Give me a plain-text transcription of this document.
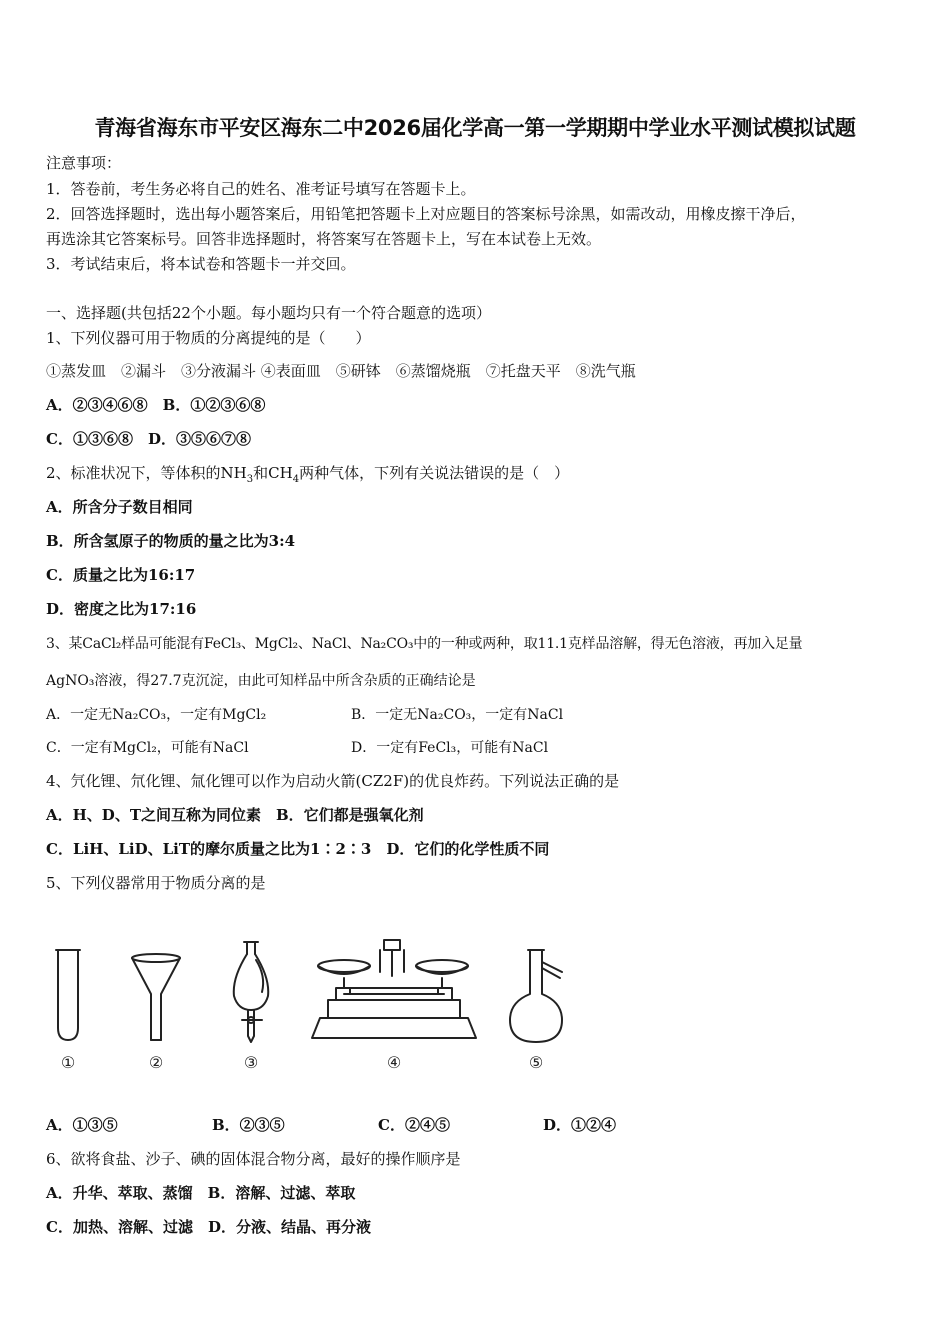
青海省海东市平安区海东二中2026届化学高一第一学期期中学业水平测试模拟试题
注意事项：
1．答卷前，考生务必将自己的姓名、准考证号填写在答题卡上。
2．回答选择题时，选出每小题答案后，用铅笔把答题卡上对应题目的答案标号涂黑，如需改动，用橡皮擦干净后，
再选涂其它答案标号。回答非选择题时，将答案写在答题卡上，写在本试卷上无效。
3．考试结束后，将本试卷和答题卡一并交回。
一、选择题(共包括22个小题。每小题均只有一个符合题意的选项）
1、下列仪器可用于物质的分离提纯的是（　　）
①蒸发皿　②漏斗　③分液漏斗 ④表面皿　⑤研钵　⑥蒸馏烧瓶　⑦托盘天平　⑧洗气瓶
A．②③④⑥⑧　B．①②③⑥⑧
C．①③⑥⑧　D．③⑤⑥⑦⑧
2、标准状况下，等体积的$NH_3$和$CH_4$两种气体，下列有关说法错误的是（　）
A．所含分子数目相同
B．所含氢原子的物质的量之比为3:4
C．质量之比为16:17
D．密度之比为17:16
3、某CaCl₂样品可能混有FeCl₃、MgCl₂、NaCl、Na₂CO₃中的一种或两种，取11.1克样品溶解，得无色溶液，再加入足量
AgNO₃溶液，得27.7克沉淀，由此可知样品中所含杂质的正确结论是
A．一定无Na₂CO₃，一定有MgCl₂	B．一定无Na₂CO₃，一定有NaCl
C．一定有MgCl₂，可能有NaCl	D．一定有FeCl₃，可能有NaCl
4、氕化锂、氘化锂、氚化锂可以作为启动火箭(CZ2F)的优良炸药。下列说法正确的是
A．H、D、T之间互称为同位素　B．它们都是强氧化剂
C．LiH、LiD、LiT的摩尔质量之比为1∶2∶3　D．它们的化学性质不同
5、下列仪器常用于物质分离的是
①	②	③	④	⑤
A．①③⑤	B．②③⑤	C．②④⑤	D．①②④
6、欲将食盐、沙子、碘的固体混合物分离，最好的操作顺序是
A．升华、萃取、蒸馏　B．溶解、过滤、萃取
C．加热、溶解、过滤　D．分液、结晶、再分液
